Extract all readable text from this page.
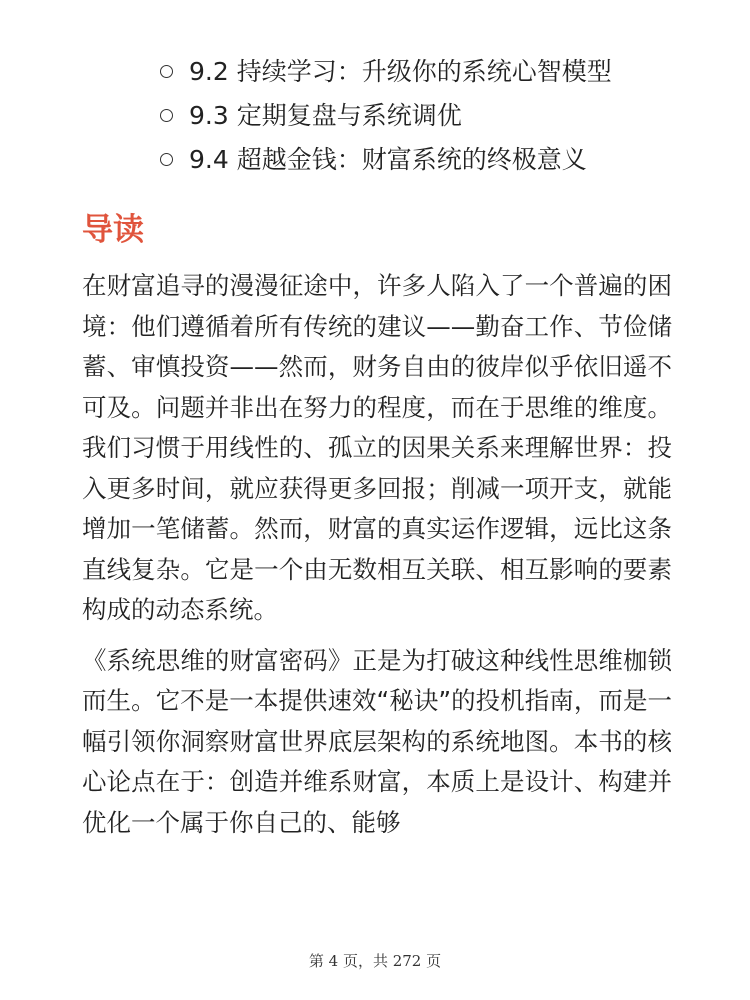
9.2 持续学习：升级你的系统心智模型
9.3 定期复盘与系统调优
9.4 超越金钱：财富系统的终极意义
导读

在财富追寻的漫漫征途中，许多人陷入了一个普遍的困境：他们遵循着所有传统的建议——勤奋工作、节俭储蓄、审慎投资——然而，财务自由的彼岸似乎依旧遥不可及。问题并非出在努力的程度，而在于思维的维度。我们习惯于用线性的、孤立的因果关系来理解世界：投入更多时间，就应获得更多回报；削减一项开支，就能增加一笔储蓄。然而，财富的真实运作逻辑，远比这条直线复杂。它是一个由无数相互关联、相互影响的要素构成的动态系统。

《系统思维的财富密码》正是为打破这种线性思维枷锁而生。它不是一本提供速效“秘诀”的投机指南，而是一幅引领你洞察财富世界底层架构的系统地图。本书的核心论点在于：创造并维系财富，本质上是设计、构建并优化一个属于你自己的、能够

第 4 页，共 272 页
